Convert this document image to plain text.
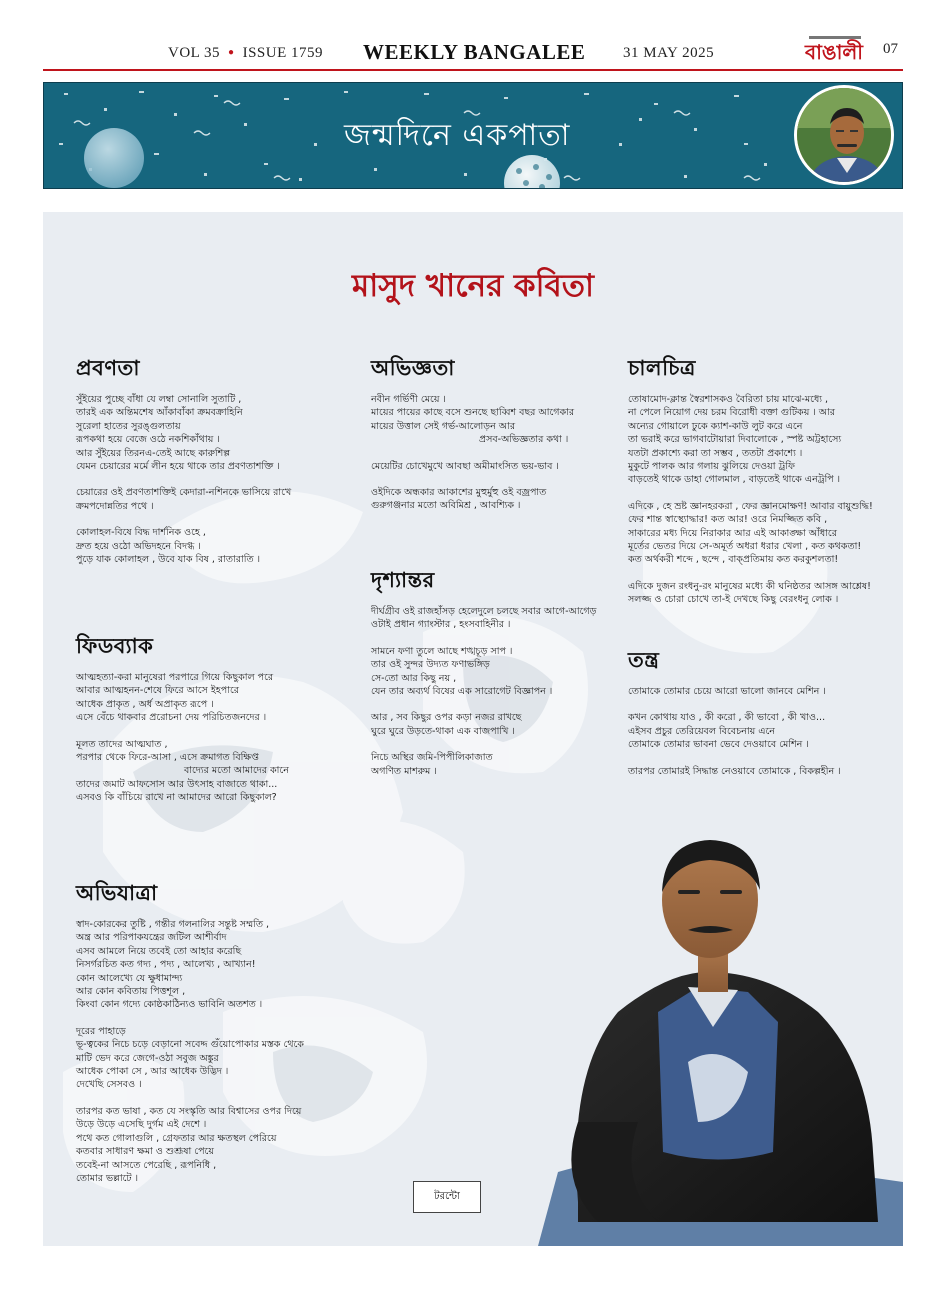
VOL 35 ● ISSUE 1759 WEEKLY BANGALEE	31 MAY 2025	বাঙালী 07
জন্মদিনে একপাতা
মাসুদ খানের কবিতা
প্রবণতা
সুঁইয়ের পুচ্ছে বাঁধা যে লম্বা সোনালি সুতাটি ,
তারই এক অন্তিমশেষ আঁকাবাঁকা ক্রমবক্রাহিনি
সুরেলা হাতের সুরঙ্গুলতায়
রূপকথা হয়ে বেজে ওঠে নকশিকাঁথায় ।
আর সুঁইয়ের তিরনএ-তেই আছে কারুশিল্প
যেমন চেয়ারের মর্মে লীন হয়ে থাকে তার প্রবণতাশক্তি ।
চেয়ারের ওই প্রবণতাশক্তিই কেদারা-নশিনকে ভাসিয়ে রাখে
ক্রমপদোন্নতির পথে ।
কোলাহল-বিষে বিদ্ধ দার্শনিক ওহে ,
দ্রুত হয়ে ওঠো অভিদহনে বিদগ্ধ ।
পুড়ে যাক কোলাহল , উবে যাক বিষ , রাতারাতি ।
ফিডব্যাক
আত্মহত্যা-করা মানুষেরা পরপারে গিয়ে কিছুকাল পরে
আবার আত্মহনন-শেষে ফিরে আসে ইহপারে
আধেক প্রাকৃত , অর্ধ অপ্রাকৃত রূপে ।
এসে বেঁচে থাকবার প্ররোচনা দেয় পরিচিতজনদের ।
মূলত তাদের আত্মঘাত ,
পরপার থেকে ফিরে-আসা , এসে ক্রমাগত বিক্ষিপ্ত
বাদ্যের মতো আমাদের কানে
তাদের জমাট আফসোস আর উৎসাহ বাজাতে থাকা...
এসবও কি বাঁচিয়ে রাখে না আমাদের আরো কিছুকাল?
অভিযাত্রা
স্বাদ-কোরকের তুষ্টি , গন্তীর গলনালির সন্তুষ্ট সম্মতি ,
অন্ত্র আর পরিপাকযন্ত্রের জটিল আশীর্বাদ
এসব আমলে নিয়ে তবেই তো আহার করেছি
নিসর্গরচিত কত গদ্য , পদ্য , আলেখ্য , আখ্যান!
কোন আলেখ্যে যে ক্ষুধামান্দ্য
আর কোন কবিতায় পিত্তশূল ,
কিংবা কোন গদ্যে কোষ্ঠকাঠিন্যও ভাবিনি অতশত ।
দূরের পাহাড়ে
ভূ-ত্বকের নিচে চড়ে বেড়ানো সবেদ্দ গুঁয়োপোকার মস্তক থেকে
মাটি ভেদ করে জেগে-ওঠা সবুজ অঙ্কুর
আধেক পোকা সে , আর আধেক উদ্ভিদ ।
দেখেছি সেসবও ।
তারপর কত ভাষা , কত যে সংস্কৃতি আর বিশ্বাসের ওপর দিয়ে
উড়ে উড়ে এসেছি দুর্গম এই দেশে ।
পথে কত গোলাগুলি , গ্রেফতার আর ক্ষতস্থল পেরিয়ে
কতবার সাধারণ ক্ষমা ও শুশ্রূষা পেয়ে
তবেই-না আসতে পেরেছি , রূপনিধি ,
তোমার ভল্লাটে ।
অভিজ্ঞতা
নবীন গর্ভিণী মেয়ে ।
মায়ের পায়ের কাছে বসে শুনছে ছাব্বিশ বছর আগেকার
মায়ের উত্তাল সেই গর্ভ-আলোড়ন আর
প্রসব-অভিজ্ঞতার কথা ।
মেয়েটির চোখেমুখে আবছা অমীমাংসিত ভয়-ভাব ।
ওইদিকে অন্ধকার আকাশের মুহুর্মুহু ওই বজ্রপাত
গুরুগঞ্জনার মতো অবিমিশ্র , আবশ্যিক ।
দৃশ্যান্তর
দীর্ঘগ্রীব ওই রাজহাঁসড় হেলেদুলে চলছে সবার আগে-আগেড়
ওটাই প্রধান গ্যাংস্টার , হংসবাহিনীর ।
সামনে ফণা তুলে আছে শঙ্খচূড় সাপ ।
তার ওই সুন্দর উদ্যত ফণাভঙ্গিড়
সে-তো আর কিছু নয় ,
যেন তার অব্যর্থ বিষের এক সারোগেট বিজ্ঞাপন ।
আর , সব কিছুর ওপর কড়া নজর রাখছে
ঘুরে ঘুরে উড়তে-থাকা এক বাজপাখি ।
নিচে অস্থির জমি-পিপীলিকাজাত
অগণিত মাশরুম ।
চালচিত্র
তোষামোদ-ক্লান্ত স্বৈরশাসকও বৈরিতা চায় মাঝে-মধ্যে ,
না পেলে নিয়োগ দেয় চরম বিরোধী বক্তা গুটিকয় । আর
অন্যের গোয়ালে ঢুকে ক্যাশ-কাউ লুট করে এনে
তা ভরাই করে ভাগবাটোয়ারা দিবালোকে , স্পষ্ট অট্টহাস্যে
যতটা প্রকাশ্যে করা তা সম্ভব , ততটা প্রকাশ্যে ।
মুকুটে পালক আর গলায় ঝুলিয়ে দেওয়া ট্রফি
বাড়তেই থাকে ডাহা গোলমাল , বাড়তেই থাকে এনট্রপি ।
এদিকে , হে ভ্রষ্ট জ্ঞানহরকরা , ফের জ্ঞানমোক্ষণ! আবার বায়ুশুদ্ধি!
ফের শান্ত স্বাস্থ্যোদ্ধার! কত আর! ওরে নিমজ্জিত কবি ,
সাকারের মধ্য দিয়ে নিরাকার আর এই আকাঙ্ক্ষা আঁধারে
মূর্তের ভেতর দিয়ে সে-অমূর্ত অধরা ধরার খেলা , কত কথকতা!
কত অর্থকরী শব্দে , ছন্দে , বাক্প্রতিমায় কত করকুশলতা!
এদিকে দুজন রংধনু-রং মানুষের মধ্যে কী ঘনিষ্ঠতর আসঙ্গ আশ্লেষ!
সলজ্জ ও চোরা চোখে তা-ই দেখছে কিছু বেরংধনু লোক ।
তন্ত্র
তোমাকে তোমার চেয়ে আরো ভালো জানবে মেশিন ।
কখন কোথায় যাও , কী করো , কী ভাবো , কী খাও...
এইসব প্রচুর তেরিয়েবল বিবেচনায় এনে
তোমাকে তোমার ভাবনা ভেবে দেওয়াবে মেশিন ।
তারপর তোমারই সিদ্ধান্ত নেওয়াবে তোমাকে , বিকল্পহীন ।
টরন্টো
